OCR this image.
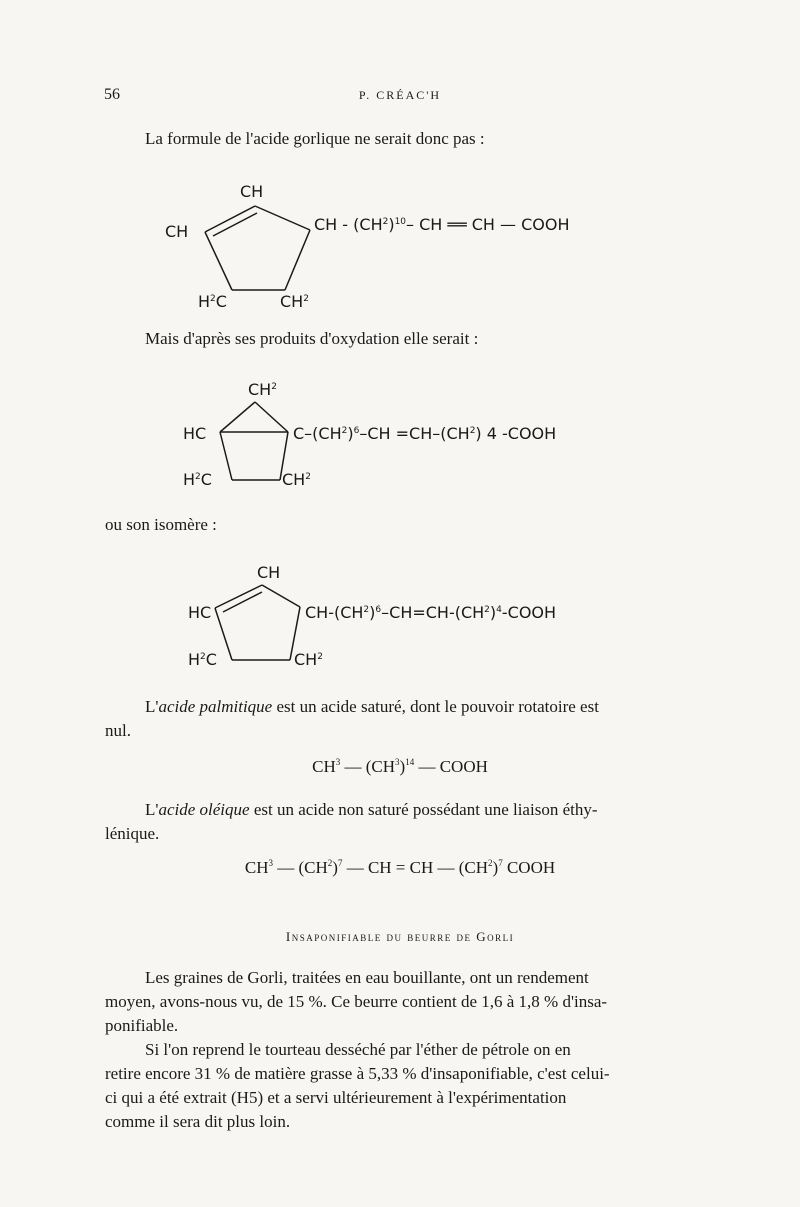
56	P. CRÉAC'H
La formule de l'acide gorlique ne serait donc pas :
CH
CH	CH - $(CH^2)^{10}-$ CH ══ CH — COOH
$H^2C$	$CH^2$
Mais d'après ses produits d'oxydation elle serait :
$CH^2$
HC	$C-(CH^2)^6-CH =CH-(CH^2)$ 4 -COOH
$H^2C$	$CH^2$
ou son isomère :
CH
HC	$CH-(CH^2)^6-CH=CH-(CH^2)^4$-COOH
$H^2C$	$CH^2$
L'acide palmitique est un acide saturé, dont le pouvoir rotatoire est
nul.
$CH^3$ — $(CH^3)^{14}$ — COOH
L'acide oléique est un acide non saturé possédant une liaison éthy-
lénique.
$CH^3$ — $(CH^2)^7$ — CH = CH — $(CH^2)^7$ COOH
Insaponifiable du beurre de Gorli
Les graines de Gorli, traitées en eau bouillante, ont un rendement
moyen, avons-nous vu, de 15 %. Ce beurre contient de 1,6 à 1,8 % d'insa-
ponifiable.
Si l'on reprend le tourteau desséché par l'éther de pétrole on en
retire encore 31 % de matière grasse à 5,33 % d'insaponifiable, c'est celui-
ci qui a été extrait (H5) et a servi ultérieurement à l'expérimentation
comme il sera dit plus loin.
